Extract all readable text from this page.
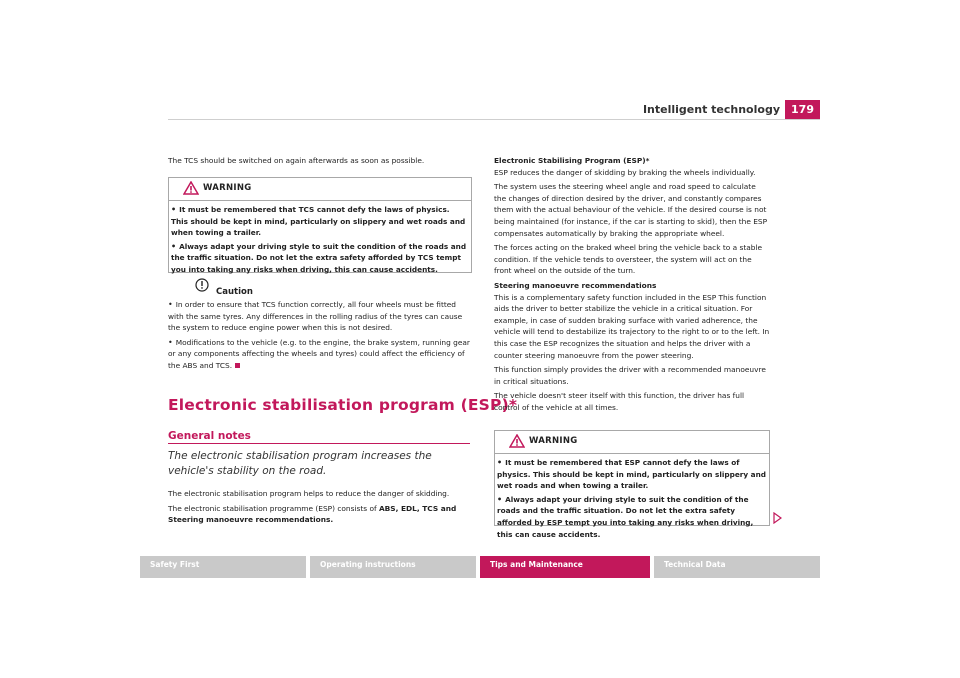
Intelligent technology	179
The TCS should be switched on again afterwards as soon as possible.
WARNING

• It must be remembered that TCS cannot defy the laws of physics. This should be kept in mind, particularly on slippery and wet roads and when towing a trailer.

• Always adapt your driving style to suit the condition of the roads and the traffic situation. Do not let the extra safety afforded by TCS tempt you into taking any risks when driving, this can cause accidents.

Caution

• In order to ensure that TCS function correctly, all four wheels must be fitted with the same tyres. Any differences in the rolling radius of the tyres can cause the system to reduce engine power when this is not desired.

• Modifications to the vehicle (e.g. to the engine, the brake system, running gear or any components affecting the wheels and tyres) could affect the efficiency of the ABS and TCS.

Electronic stabilisation program (ESP)*
General notes
The electronic stabilisation program increases the vehicle's stability on the road.

The electronic stabilisation program helps to reduce the danger of skidding.

The electronic stabilisation programme (ESP) consists of ABS, EDL, TCS and Steering manoeuvre recommendations.

Electronic Stabilising Program (ESP)*

ESP reduces the danger of skidding by braking the wheels individually.

The system uses the steering wheel angle and road speed to calculate the changes of direction desired by the driver, and constantly compares them with the actual behaviour of the vehicle. If the desired course is not being maintained (for instance, if the car is starting to skid), then the ESP compensates automatically by braking the appropriate wheel.

The forces acting on the braked wheel bring the vehicle back to a stable condition. If the vehicle tends to oversteer, the system will act on the front wheel on the outside of the turn.

Steering manoeuvre recommendations

This is a complementary safety function included in the ESP This function aids the driver to better stabilize the vehicle in a critical situation. For example, in case of sudden braking surface with varied adherence, the vehicle will tend to destabilize its trajectory to the right to or to the left. In this case the ESP recognizes the situation and helps the driver with a counter steering manoeuvre from the power steering.

This function simply provides the driver with a recommended manoeuvre in critical situations.

The vehicle doesn't steer itself with this function, the driver has full control of the vehicle at all times.

WARNING

• It must be remembered that ESP cannot defy the laws of physics. This should be kept in mind, particularly on slippery and wet roads and when towing a trailer.

• Always adapt your driving style to suit the condition of the roads and the traffic situation. Do not let the extra safety afforded by ESP tempt you into taking any risks when driving, this can cause accidents.

Safety First	Operating instructions	Tips and Maintenance	Technical Data
